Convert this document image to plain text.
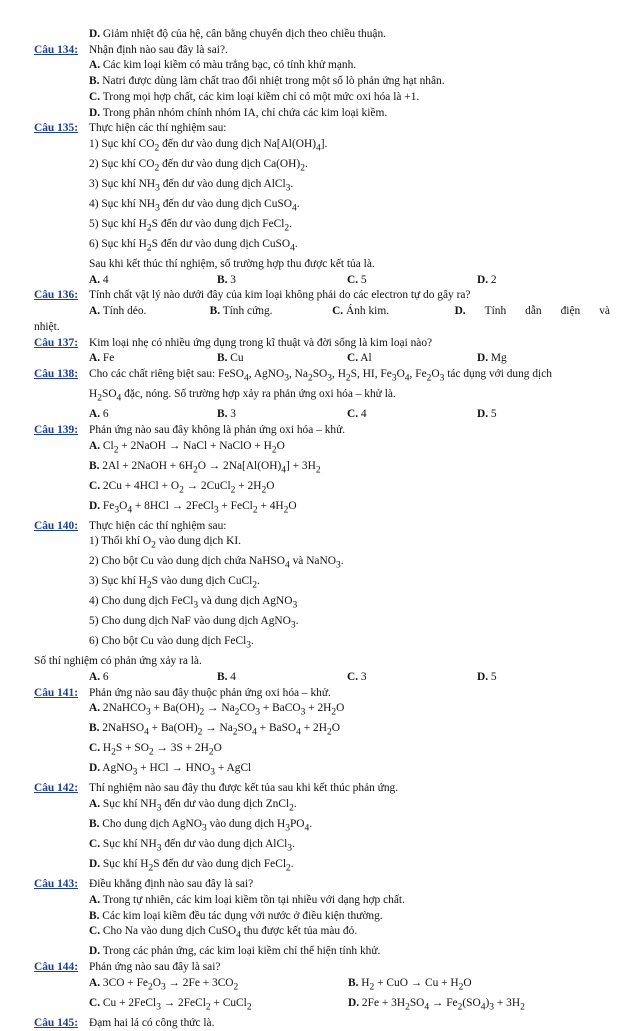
D. Giảm nhiệt độ của hệ, cân bằng chuyển dịch theo chiều thuận.
Câu 134: Nhận định nào sau đây là sai?.
A. Các kim loại kiềm có màu trắng bạc, có tính khử mạnh.
B. Natri được dùng làm chất trao đổi nhiệt trong một số lò phản ứng hạt nhân.
C. Trong mọi hợp chất, các kim loại kiềm chỉ có một mức oxi hóa là +1.
D. Trong phân nhóm chính nhóm IA, chỉ chứa các kim loại kiềm.
Câu 135: Thực hiện các thí nghiệm sau:
1) Sục khí $CO_2$ đến dư vào dung dịch $Na[Al(OH)_4]$.
2) Sục khí $CO_2$ đến dư vào dung dịch $Ca(OH)_2$.
3) Sục khí $NH_3$ đến dư vào dung dịch AlCl$_3$.
4) Sục khí $NH_3$ đến dư vào dung dịch CuSO$_4$.
5) Sục khí $H_2S$ đến dư vào dung dịch FeCl$_2$.
6) Sục khí $H_2S$ đến dư vào dung dịch CuSO$_4$.
Sau khi kết thúc thí nghiệm, số trường hợp thu được kết tủa là.
A. 4	B. 3	C. 5	D. 2
Câu 136: Tính chất vật lý nào dưới đây của kim loại không phải do các electron tự do gây ra?
A. Tính dẻo.	B. Tính cứng.	C. Ánh kim.	D. Tính dẫn điện và
nhiệt.
Câu 137: Kim loại nhẹ có nhiều ứng dụng trong kĩ thuật và đời sống là kim loại nào?
A. Fe	B. Cu	C. Al	D. Mg
Câu 138: Cho các chất riêng biệt sau: FeSO$_4$, AgNO$_3$, $Na_2SO_3$, $H_2S$, HI, $Fe_3O_4$, $Fe_2O_3$ tác dụng với dung dịch
$H_2SO_4$ đặc, nóng. Số trường hợp xảy ra phản ứng oxi hóa – khử là.
A. 6	B. 3	C. 4	D. 5
Câu 139: Phản ứng nào sau đây không là phản ứng oxi hóa – khử.
A. $Cl_2$ + 2NaOH → NaCl + NaClO + $H_2O$
B. 2Al + 2NaOH + $6H_2O \to 2Na[Al(OH)_4] + 3H_2$
C. $2Cu + 4HCl + O_2$ → 2CuCl$_2$ + $2H_2O$
D. $Fe_3O_4 + 8HCl$ → 2FeCl$_3$ + FeCl$_2$ + $4H_2O$
Câu 140: Thực hiện các thí nghiệm sau:
1) Thổi khí $O_2$ vào dung dịch KI.
2) Cho bột Cu vào dung dịch chứa NaHSO$_4$ và NaNO$_3$.
3) Sục khí $H_2S$ vào dung dịch CuCl$_2$.
4) Cho dung dịch FeCl$_3$ và dung dịch AgNO$_3$
5) Cho dung dịch NaF vào dung dịch AgNO$_3$.
6) Cho bột Cu vào dung dịch FeCl$_3$.
Số thí nghiệm có phản ứng xảy ra là.
A. 6	B. 4	C. 3	D. 5
Câu 141: Phản ứng nào sau đây thuộc phản ứng oxi hóa – khử.
A. 2NaHCO$_3$ + $Ba(OH)_2 \to Na_2CO_3$ + BaCO$_3$ + $2H_2O$
B. 2NaHSO$_4$ + $Ba(OH)_2 \to Na_2SO_4$ + BaSO$_4$ + $2H_2O$
C. $H_2S + SO_2 \to 3S + 2H_2O$
D. AgNO$_3$ + HCl → $HNO_3$ + AgCl
Câu 142: Thí nghiệm nào sau đây thu được kết tủa sau khi kết thúc phản ứng.
A. Sục khí $NH_3$ đến dư vào dung dịch ZnCl$_2$.
B. Cho dung dịch AgNO$_3$ vào dung dịch $H_3PO_4$.
C. Sục khí $NH_3$ đến dư vào dung dịch AlCl$_3$.
D. Sục khí $H_2S$ đến dư vào dung dịch FeCl$_2$.
Câu 143: Điều khẳng định nào sau đây là sai?
A. Trong tự nhiên, các kim loại kiềm tồn tại nhiều với dạng hợp chất.
B. Các kim loại kiềm đều tác dụng với nước ở điều kiện thường.
C. Cho Na vào dung dịch CuSO$_4$ thu được kết tủa màu đỏ.
D. Trong các phản ứng, các kim loại kiềm chỉ thể hiện tính khử.
Câu 144: Phản ứng nào sau đây là sai?
A. $3CO + Fe_2O_3 \to 2Fe + 3CO_2$	B. $H_2$ + CuO → $Cu + H_2O$
C. Cu + 2FeCl$_3$ → 2FeCl$_2$ + CuCl$_2$	D. $2Fe + 3H_2SO_4 \to Fe_2(SO_4)_3 + 3H_2$
Câu 145: Đạm hai lá có công thức là.
